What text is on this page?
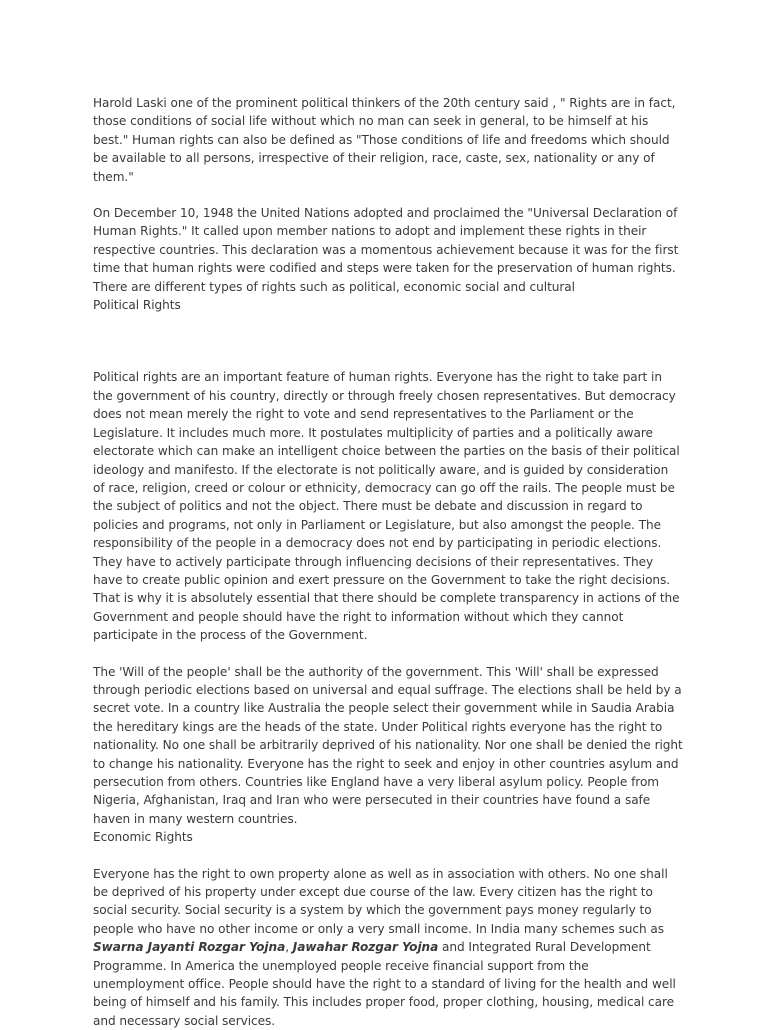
Harold Laski one of the prominent political thinkers of the 20th century said , " Rights are in fact, those conditions of social life without which no man can seek in general, to be himself at his best." Human rights can also be defined as "Those conditions of life and freedoms which should be available to all persons, irrespective of their religion, race, caste, sex, nationality or any of them."

On December 10, 1948 the United Nations adopted and proclaimed the "Universal Declaration of Human Rights." It called upon member nations to adopt and implement these rights in their respective countries. This declaration was a momentous achievement because it was for the first time that human rights were codified and steps were taken for the preservation of human rights. There are different types of rights such as political, economic social and cultural

Political Rights

Political rights are an important feature of human rights. Everyone has the right to take part in the government of his country, directly or through freely chosen representatives. But democracy does not mean merely the right to vote and send representatives to the Parliament or the Legislature. It includes much more. It postulates multiplicity of parties and a politically aware electorate which can make an intelligent choice between the parties on the basis of their political ideology and manifesto. If the electorate is not politically aware, and is guided by consideration of race, religion, creed or colour or ethnicity, democracy can go off the rails. The people must be the subject of politics and not the object. There must be debate and discussion in regard to policies and programs, not only in Parliament or Legislature, but also amongst the people. The responsibility of the people in a democracy does not end by participating in periodic elections. They have to actively participate through influencing decisions of their representatives. They have to create public opinion and exert pressure on the Government to take the right decisions. That is why it is absolutely essential that there should be complete transparency in actions of the Government and people should have the right to information without which they cannot participate in the process of the Government.

The 'Will of the people' shall be the authority of the government. This 'Will' shall be expressed through periodic elections based on universal and equal suffrage. The elections shall be held by a secret vote. In a country like Australia the people select their government while in Saudia Arabia the hereditary kings are the heads of the state. Under Political rights everyone has the right to nationality. No one shall be arbitrarily deprived of his nationality. Nor one shall be denied the right to change his nationality. Everyone has the right to seek and enjoy in other countries asylum and persecution from others. Countries like England have a very liberal asylum policy. People from Nigeria, Afghanistan, Iraq and Iran who were persecuted in their countries have found a safe haven in many western countries.

Economic Rights

Everyone has the right to own property alone as well as in association with others. No one shall be deprived of his property under except due course of the law. Every citizen has the right to social security. Social security is a system by which the government pays money regularly to people who have no other income or only a very small income. In India many schemes such as Swarna Jayanti Rozgar Yojna, Jawahar Rozgar Yojna and Integrated Rural Development Programme. In America the unemployed people receive financial support from the unemployment office. People should have the right to a standard of living for the health and well being of himself and his family. This includes proper food, proper clothing, housing, medical care and necessary social services.
